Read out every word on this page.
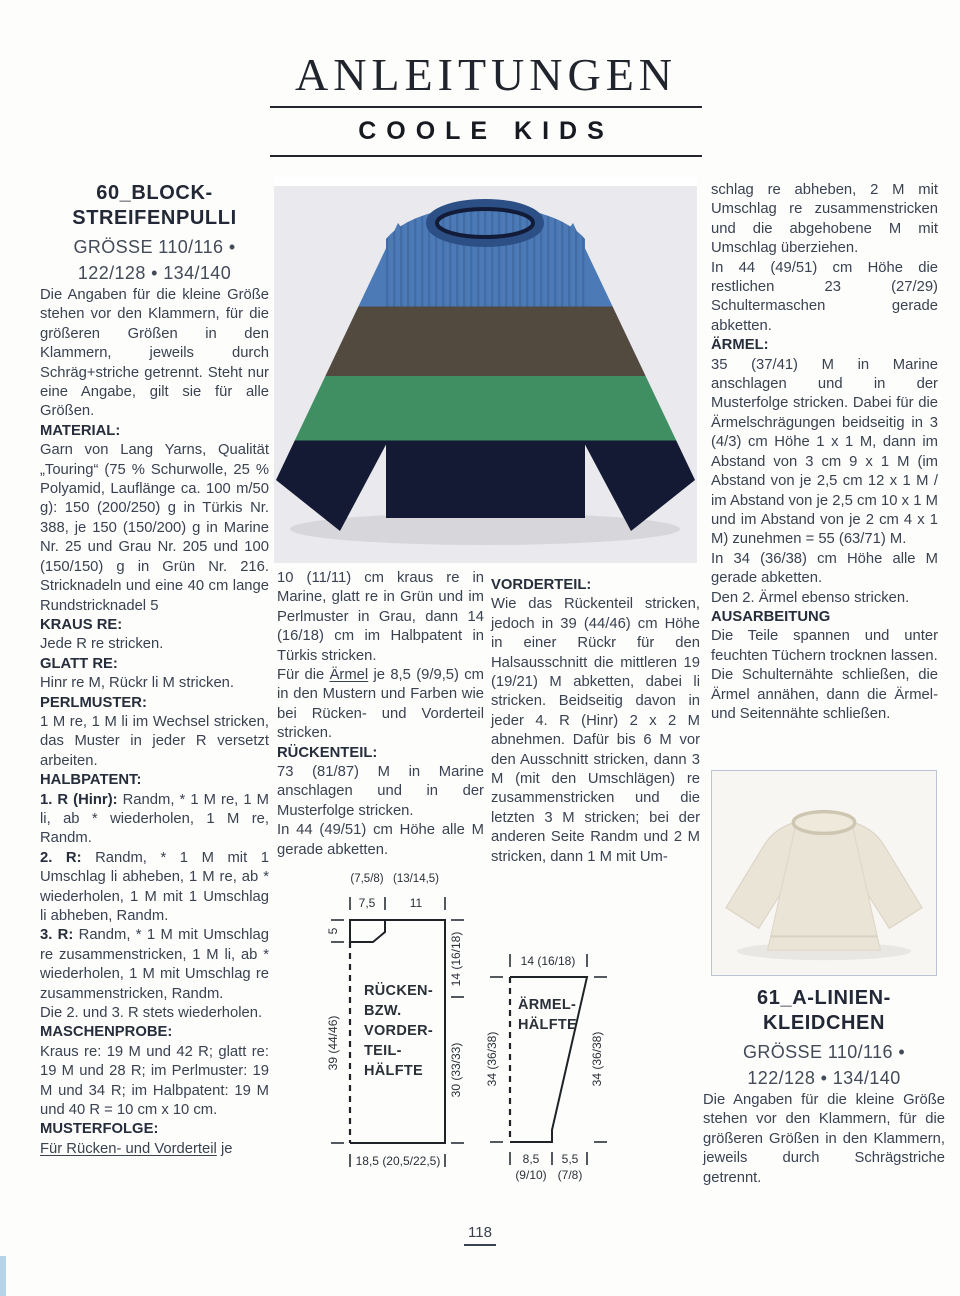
ANLEITUNGEN
COOLE KIDS
60_BLOCK-
STREIFENPULLI
GRÖSSE 110/116 •
122/128 • 134/140

Die Angaben für die kleine Größe stehen vor den Klammern, für die größeren Größen in den Klammern, jeweils durch Schräg+striche getrennt. Steht nur eine Angabe, gilt sie für alle Größen.

MATERIAL:

Garn von Lang Yarns, Qualität „Touring“ (75 % Schurwolle, 25 % Polyamid, Lauflänge ca. 100 m/50 g): 150 (200/250) g in Türkis Nr. 388, je 150 (150/200) g in Marine Nr. 25 und Grau Nr. 205 und 100 (150/150) g in Grün Nr. 216. Stricknadeln und eine 40 cm lange Rundstricknadel 5

KRAUS RE:

Jede R re stricken.

GLATT RE:

Hinr re M, Rückr li M stricken.

PERLMUSTER:

1 M re, 1 M li im Wechsel stricken, das Muster in jeder R versetzt arbeiten.

HALBPATENT:

1. R (Hinr): Randm, * 1 M re, 1 M li, ab * wiederholen, 1 M re, Randm.

2. R: Randm, * 1 M mit 1 Umschlag li abheben, 1 M re, ab * wiederholen, 1 M mit 1 Umschlag li abheben, Randm.

3. R: Randm, * 1 M mit Umschlag re zusammenstricken, 1 M li, ab * wiederholen, 1 M mit Umschlag re zusammenstricken, Randm.

Die 2. und 3. R stets wiederholen.

MASCHENPROBE:

Kraus re: 19 M und 42 R; glatt re: 19 M und 28 R; im Perlmuster: 19 M und 34 R; im Halbpatent: 19 M und 40 R = 10 cm x 10 cm.

MUSTERFOLGE:

Für Rücken- und Vorderteil je

10 (11/11) cm kraus re in Marine, glatt re in Grün und im Perlmuster in Grau, dann 14 (16/18) cm im Halbpatent in Türkis stricken.

Für die Ärmel je 8,5 (9/9,5) cm in den Mustern und Farben wie bei Rücken- und Vorderteil stricken.

RÜCKENTEIL:

73 (81/87) M in Marine anschlagen und in der Musterfolge stricken.

In 44 (49/51) cm Höhe alle M gerade abketten.

VORDERTEIL:

Wie das Rückenteil stricken, jedoch in 39 (44/46) cm Höhe in einer Rückr für den Halsausschnitt die mittleren 19 (19/21) M abketten, dabei li stricken. Beidseitig davon in jeder 4. R (Hinr) 2 x 2 M abnehmen. Dafür bis 6 M vor den Ausschnitt stricken, dann 3 M (mit den Umschlägen) re zusammenstricken und die letzten 3 M stricken; bei der anderen Seite Randm und 2 M stricken, dann 1 M mit Um-

schlag re abheben, 2 M mit Umschlag re zusammenstricken und die abgehobene M mit Umschlag überziehen.

In 44 (49/51) cm Höhe die restlichen 23 (27/29) Schultermaschen gerade abketten.

ÄRMEL:

35 (37/41) M in Marine anschlagen und in der Musterfolge stricken. Dabei für die Ärmelschrägungen beidseitig in 3 (4/3) cm Höhe 1 x 1 M, dann im Abstand von 3 cm 9 x 1 M (im Abstand von je 2,5 cm 12 x 1 M / im Abstand von je 2,5 cm 10 x 1 M und im Abstand von je 2 cm 4 x 1 M) zunehmen = 55 (63/71) M.

In 34 (36/38) cm Höhe alle M gerade abketten.

Den 2. Ärmel ebenso stricken.

AUSARBEITUNG

Die Teile spannen und unter feuchten Tüchern trocknen lassen.

Die Schulternähte schließen, die Ärmel annähen, dann die Ärmel- und Seitennähte schließen.

61_A-LINIEN-
KLEIDCHEN
GRÖSSE 110/116 •
122/128 • 134/140

Die Angaben für die kleine Größe stehen vor den Klammern, für die größeren Größen in den Klammern, jeweils durch Schrägstriche getrennt.

(7,5/8) (13/14,5)
7,5	11
5
39 (44/46)
14 (16/18)
30 (33/33)
18,5 (20,5/22,5)
RÜCKEN-
BZW.
VORDER-
TEIL-
HÄLFTE
14 (16/18)
34 (36/38)	34 (36/38)
8,5 5,5
(9/10) (7/8)
ÄRMEL-
HÄLFTE
118
